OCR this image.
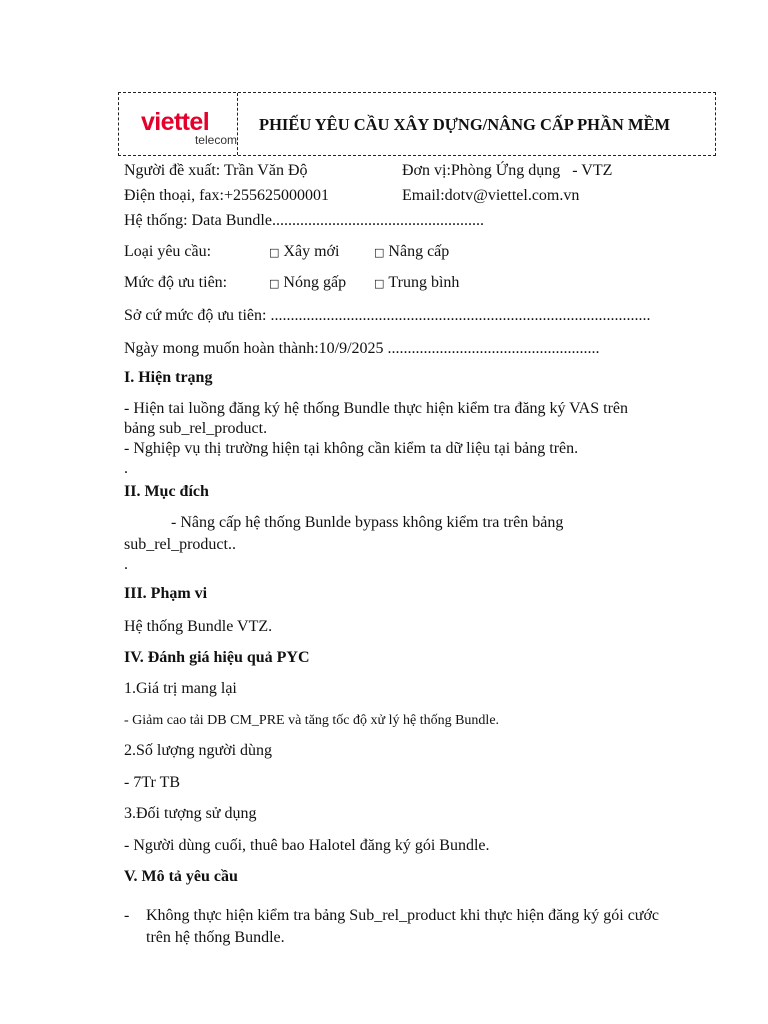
viettel
telecom
PHIẾU YÊU CẦU XÂY DỰNG/NÂNG CẤP PHẦN MỀM
Người đề xuất: Trần Văn Độ	Đơn vị:Phòng Ứng dụng   - VTZ
Điện thoại, fax:+255625000001	Email:dotv@viettel.com.vn
Hệ thống: Data Bundle.....................................................
Loại yêu cầu:	□ Xây mới	□ Nâng cấp
Mức độ ưu tiên:	□ Nóng gấp	□ Trung bình
Sở cứ mức độ ưu tiên: ...............................................................................................
Ngày mong muốn hoàn thành:10/9/2025 .....................................................
I. Hiện trạng
- Hiện tai luồng đăng ký hệ thống Bundle thực hiện kiểm tra đăng ký VAS trên
bảng sub_rel_product.
- Nghiệp vụ thị trường hiện tại không cần kiểm ta dữ liệu tại bảng trên.
.
II. Mục đích
- Nâng cấp hệ thống Bunlde bypass không kiểm tra trên bảng
sub_rel_product..
.
III. Phạm vi
Hệ thống Bundle VTZ.
IV. Đánh giá hiệu quả PYC
1.Giá trị mang lại
- Giảm cao tải DB CM_PRE và tăng tốc độ xử lý hệ thống Bundle.
2.Số lượng người dùng
- 7Tr TB
3.Đối tượng sử dụng
- Người dùng cuối, thuê bao Halotel đăng ký gói Bundle.
V. Mô tả yêu cầu
- Không thực hiện kiểm tra bảng Sub_rel_product khi thực hiện đăng ký gói cước
trên hệ thống Bundle.
